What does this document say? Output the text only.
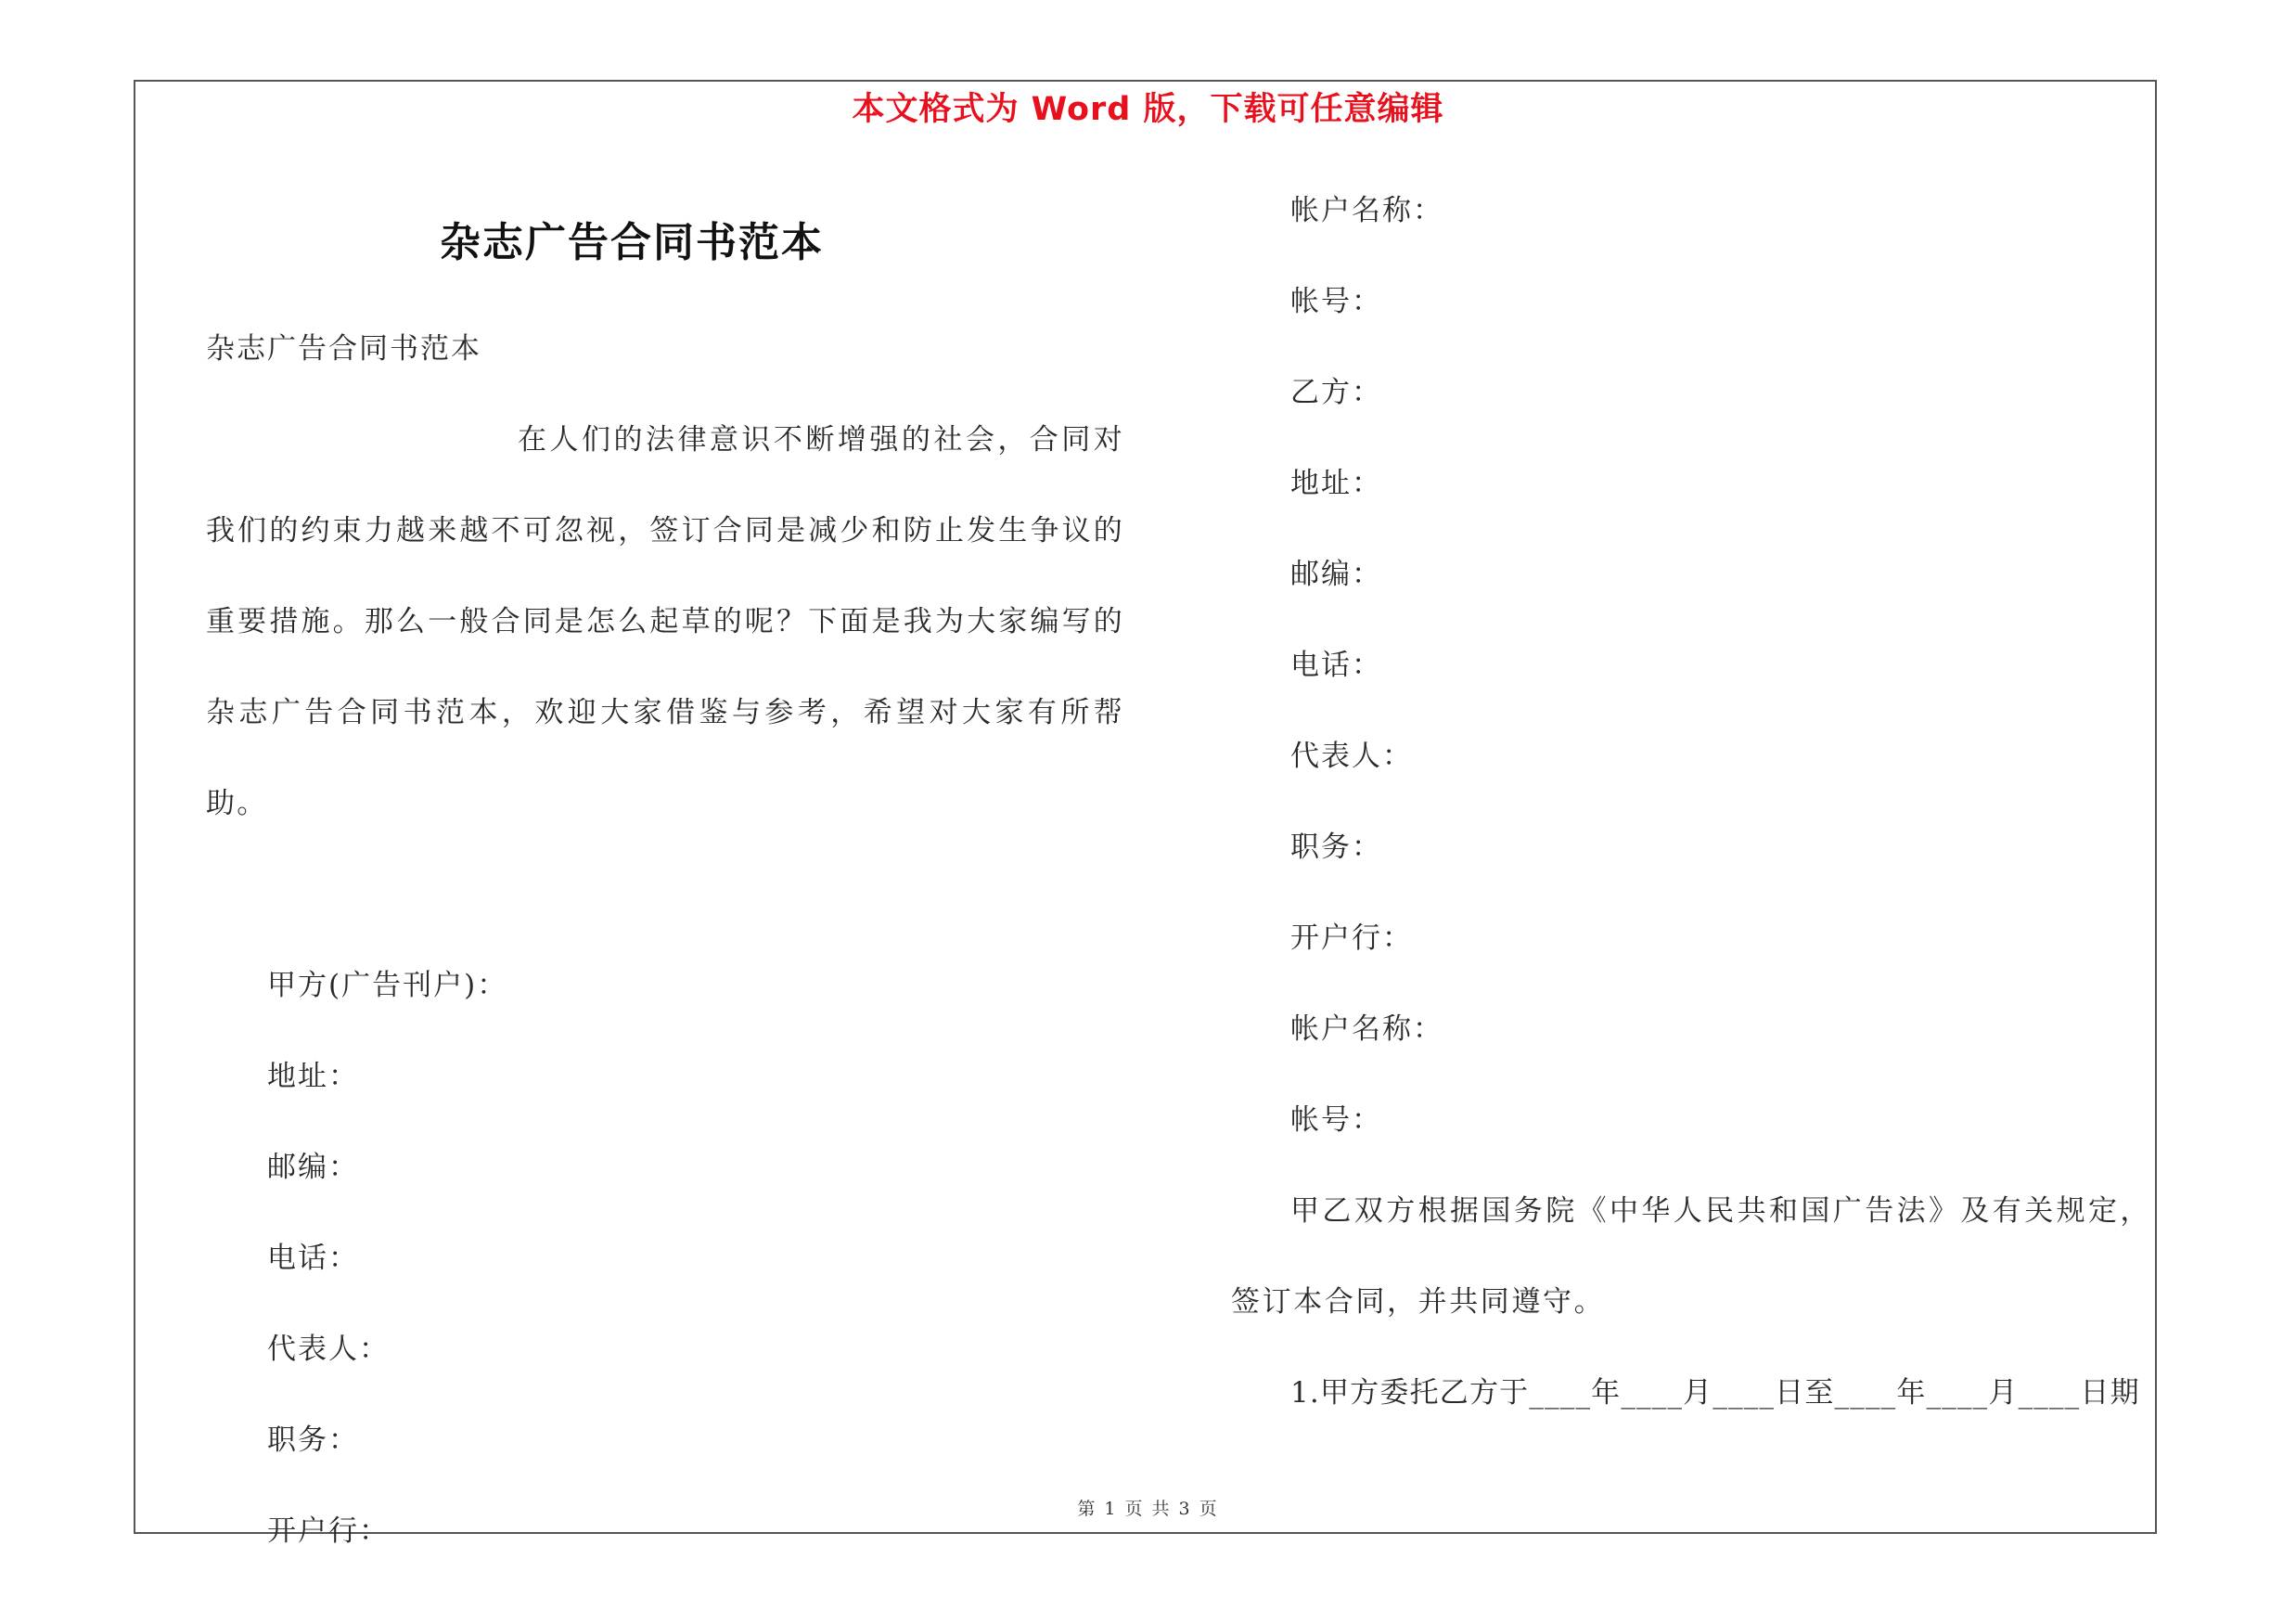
本文格式为 Word 版，下载可任意编辑
杂志广告合同书范本
杂志广告合同书范本

在人们的法律意识不断增强的社会，合同对我们的约束力越来越不可忽视，签订合同是减少和防止发生争议的重要措施。那么一般合同是怎么起草的呢？下面是我为大家编写的杂志广告合同书范本，欢迎大家借鉴与参考，希望对大家有所帮助。

甲方(广告刊户)：
地址：
邮编：
电话：
代表人：
职务：
开户行：
帐户名称：
帐号：
乙方：
地址：
邮编：
电话：
代表人：
职务：
开户行：
帐户名称：
帐号：

甲乙双方根据国务院《中华人民共和国广告法》及有关规定，签订本合同，并共同遵守。

1.甲方委托乙方于____年____月____日至____年____月____日期
第 1 页 共 3 页
